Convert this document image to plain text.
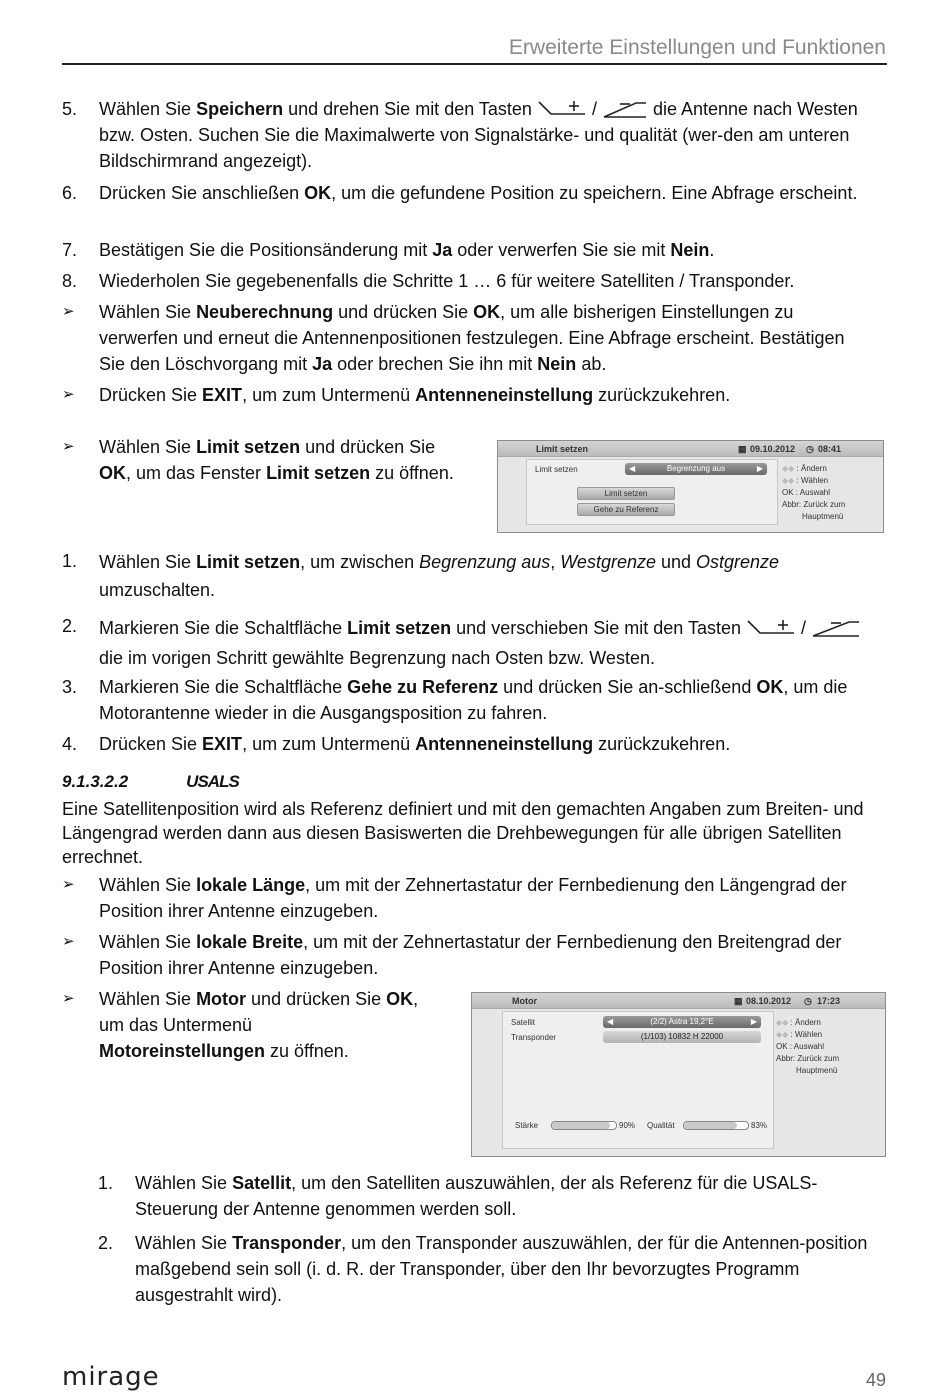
Erweiterte Einstellungen und Funktionen
5.	Wählen Sie Speichern und drehen Sie mit den Tasten	/	die Antenne nach Westen bzw. Osten. Suchen Sie die Maximalwerte von Signalstärke- und qualität (wer-den am unteren Bildschirmrand angezeigt).
6.	Drücken Sie anschließen OK, um die gefundene Position zu speichern. Eine Abfrage erscheint.
7.	Bestätigen Sie die Positionsänderung mit Ja oder verwerfen Sie sie mit Nein.
8.	Wiederholen Sie gegebenenfalls die Schritte 1 … 6 für weitere Satelliten / Transponder.
➢	Wählen Sie Neuberechnung und drücken Sie OK, um alle bisherigen Einstellungen zu verwerfen und erneut die Antennenpositionen festzulegen. Eine Abfrage erscheint. Bestätigen Sie den Löschvorgang mit Ja oder brechen Sie ihn mit Nein ab.
➢	Drücken Sie EXIT, um zum Untermenü Antenneneinstellung zurückzukehren.
➢	Wählen Sie Limit setzen und drücken Sie OK, um das Fenster Limit setzen zu öffnen.
Limit setzen	▦ 09.10.2012 ◷ 08:41
Limit setzen	◀	Begrenzung aus	▶
Limit setzen
Gehe zu Referenz
◆◆ : Ändern
◆◆ : Wählen
OK : Auswahl
Abbr: Zurück zum
Hauptmenü
1.	Wählen Sie Limit setzen, um zwischen Begrenzung aus, Westgrenze und Ostgrenze umzuschalten.
2.	Markieren Sie die Schaltfläche Limit setzen und verschieben Sie mit den Tasten	/  die im vorigen Schritt gewählte Begrenzung nach Osten bzw. Westen.
3.	Markieren Sie die Schaltfläche Gehe zu Referenz und drücken Sie an-schließend OK, um die Motorantenne wieder in die Ausgangsposition zu fahren.
4.	Drücken Sie EXIT, um zum Untermenü Antenneneinstellung zurückzukehren.
9.1.3.2.2	USALS
Eine Satellitenposition wird als Referenz definiert und mit den gemachten Angaben zum Breiten- und Längengrad werden dann aus diesen Basiswerten die Drehbewegungen für alle übrigen Satelliten errechnet.
➢	Wählen Sie lokale Länge, um mit der Zehnertastatur der Fernbedienung den Längengrad der Position ihrer Antenne einzugeben.
➢	Wählen Sie lokale Breite, um mit der Zehnertastatur der Fernbedienung den Breitengrad der Position ihrer Antenne einzugeben.
➢	Wählen Sie Motor und drücken Sie OK, um das Untermenü Motoreinstellungen zu öffnen.
Motor	▦ 08.10.2012 ◷ 17:23
Satellit	◀	(2/2) Astra 19,2°E	▶
Transponder	(1/103) 10832 H 22000
Stärke	90% Qualität	83%
◆◆ : Ändern
◆◆ : Wählen
OK : Auswahl
Abbr: Zurück zum
Hauptmenü
1.	Wählen Sie Satellit, um den Satelliten auszuwählen, der als Referenz für die USALS-Steuerung der Antenne genommen werden soll.
2.	Wählen Sie Transponder, um den Transponder auszuwählen, der für die Antennen-position maßgebend sein soll (i. d. R. der Transponder, über den Ihr bevorzugtes Programm ausgestrahlt wird).
mirage	49
